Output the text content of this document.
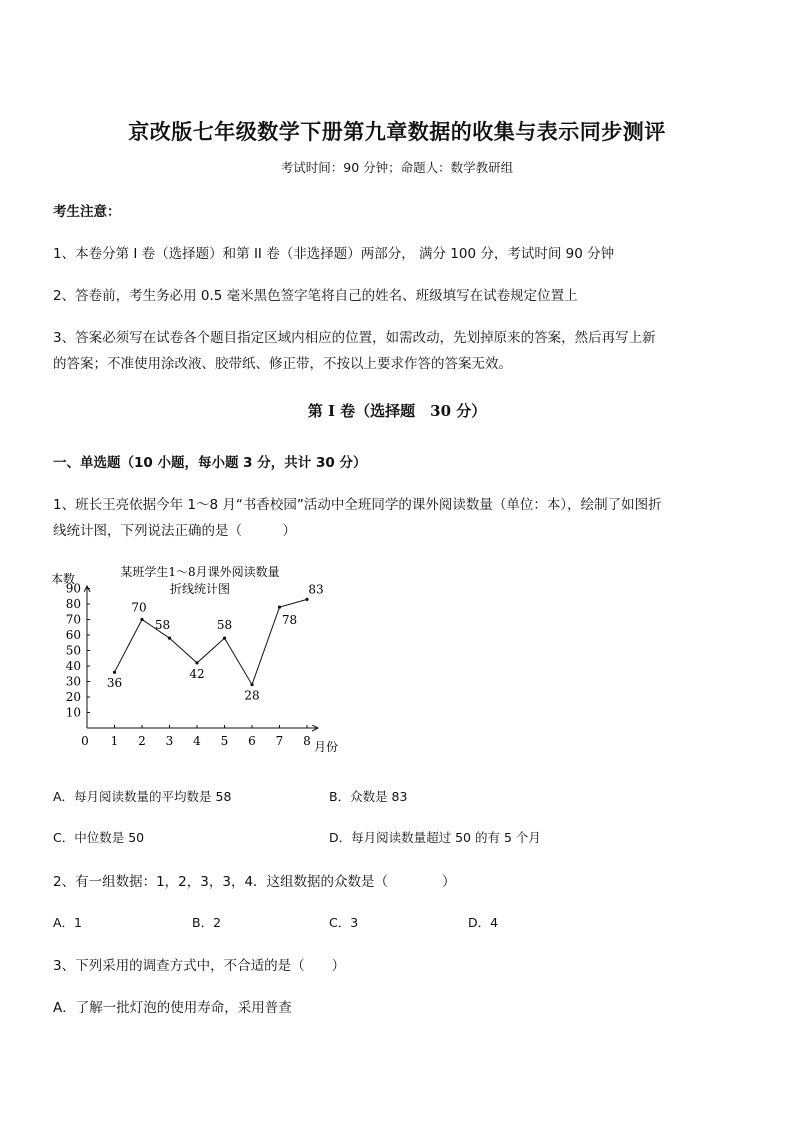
京改版七年级数学下册第九章数据的收集与表示同步测评
考试时间：90 分钟；命题人：数学教研组
考生注意：
1、本卷分第 I 卷（选择题）和第 II 卷（非选择题）两部分， 满分 100 分，考试时间 90 分钟
2、答卷前，考生务必用 0.5 毫米黑色签字笔将自己的姓名、班级填写在试卷规定位置上
3、答案必须写在试卷各个题目指定区域内相应的位置，如需改动，先划掉原来的答案，然后再写上新
的答案；不准使用涂改液、胶带纸、修正带，不按以上要求作答的答案无效。
第 I 卷（选择题　30 分）
一、单选题（10 小题，每小题 3 分，共计 30 分）
1、班长王亮依据今年 1～8 月“书香校园”活动中全班同学的课外阅读数量（单位：本），绘制了如图折
线统计图，下列说法正确的是（　　　）
某班学生1～8月课外阅读数量
折线统计图
本数
月份
10
20
30
40
50
60
70
80
90
0 1 2 3 4 5 6 7 8
36
70
58
42
58
28
78
83
A．每月阅读数量的平均数是 58	B．众数是 83
C．中位数是 50	D．每月阅读数量超过 50 的有 5 个月
2、有一组数据：1，2，3，3，4．这组数据的众数是（　　　　）
A．1	B．2	C．3	D．4
3、下列采用的调查方式中，不合适的是（　　）
A．了解一批灯泡的使用寿命，采用普查
